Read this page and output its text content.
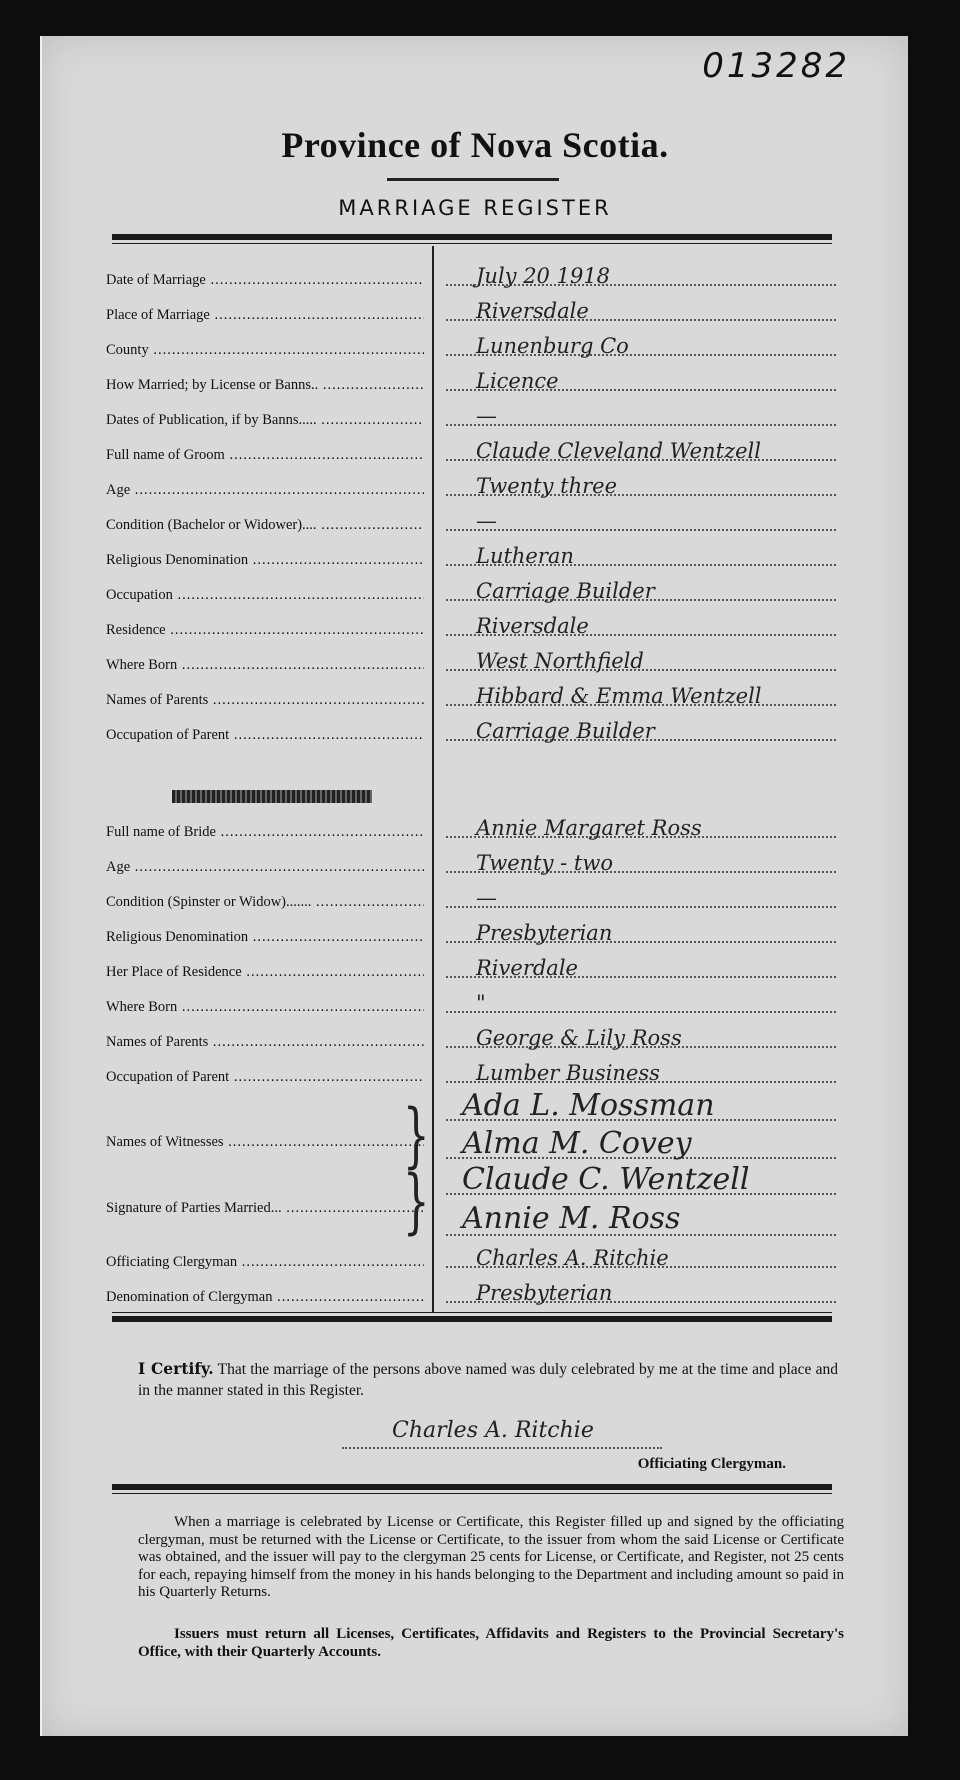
013282
Province of Nova Scotia.
MARRIAGE REGISTER
Date of Marriage .....	July 20 1918
Place of Marriage .....	Riversdale
County .....	Lunenburg Co
How Married; by License or Banns.. .....	Licence
Dates of Publication, if by Banns..... .....	—
Full name of Groom .....	Claude Cleveland Wentzell
Age .....	Twenty three
Condition (Bachelor or Widower).... .....	—
Religious Denomination .....	Lutheran
Occupation .....	Carriage Builder
Residence .....	Riversdale
Where Born .....	West Northfield
Names of Parents .....	Hibbard & Emma Wentzell
Occupation of Parent .....	Carriage Builder
Full name of Bride .....	Annie Margaret Ross
Age .....	Twenty - two
Condition (Spinster or Widow)....... .....	—
Religious Denomination .....	Presbyterian
Her Place of Residence .....	Riverdale
Where Born .....	"
Names of Parents .....	George & Lily Ross
Occupation of Parent .....	Lumber Business
Names of Witnesses .....	} Ada L. Mossman
Alma M. Covey
Signature of Parties Married... .....	} Claude C. Wentzell
Annie M. Ross
Officiating Clergyman .....	Charles A. Ritchie
Denomination of Clergyman .....	Presbyterian
I Certify. That the marriage of the persons above named was duly celebrated by me at the time and place and in the manner stated in this Register.
Charles A. Ritchie
Officiating Clergyman.
When a marriage is celebrated by License or Certificate, this Register filled up and signed by the officiating clergyman, must be returned with the License or Certificate, to the issuer from whom the said License or Certificate was obtained, and the issuer will pay to the clergyman 25 cents for License, or Certificate, and Register, not 25 cents for each, repaying himself from the money in his hands belonging to the Department and including amount so paid in his Quarterly Returns.
Issuers must return all Licenses, Certificates, Affidavits and Registers to the Provincial Secretary's Office, with their Quarterly Accounts.
